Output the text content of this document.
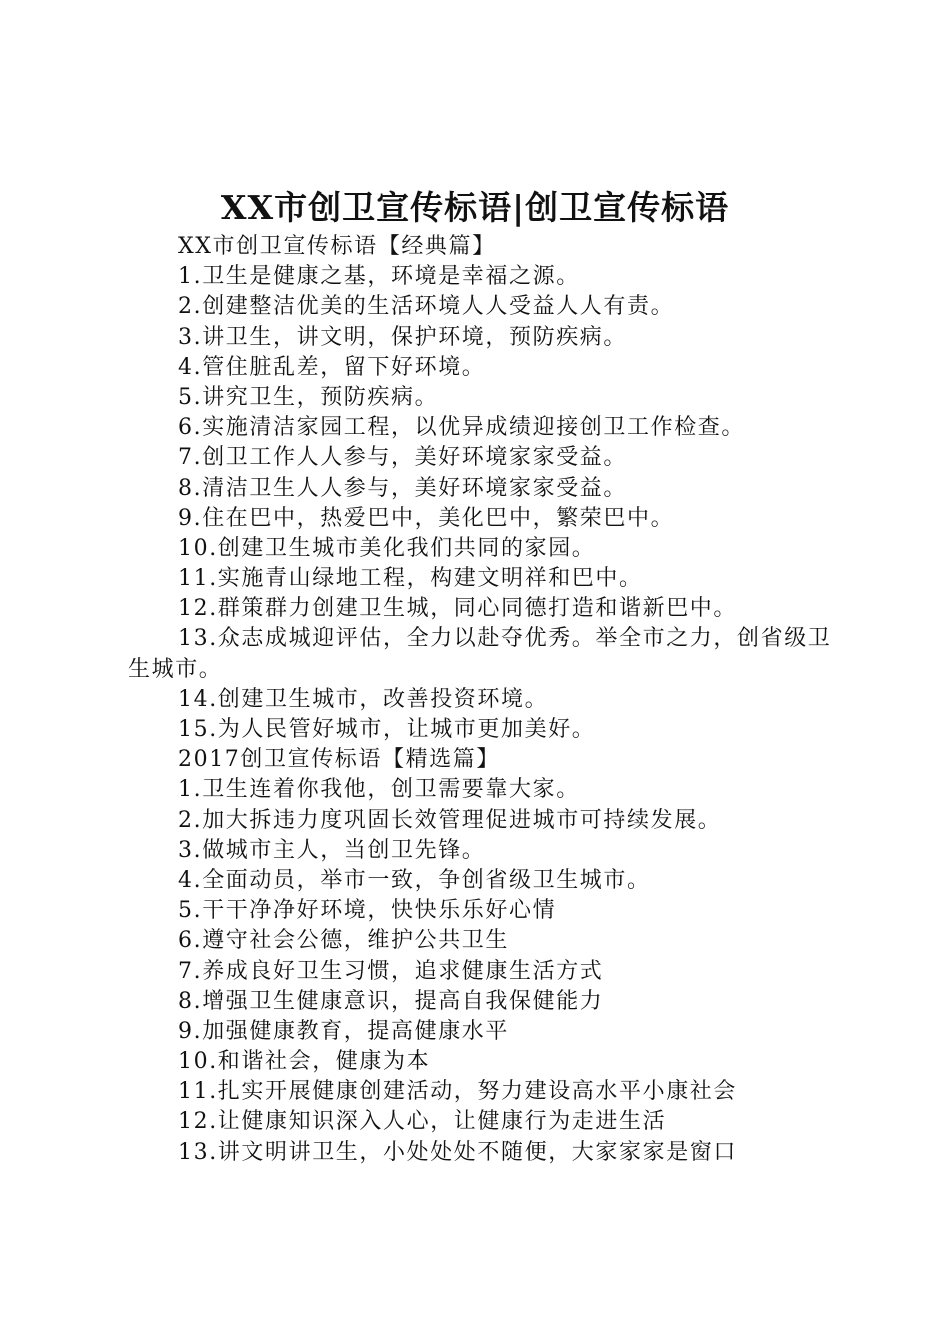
XX市创卫宣传标语|创卫宣传标语
XX市创卫宣传标语【经典篇】
1.卫生是健康之基，环境是幸福之源。
2.创建整洁优美的生活环境人人受益人人有责。
3.讲卫生，讲文明，保护环境，预防疾病。
4.管住脏乱差，留下好环境。
5.讲究卫生，预防疾病。
6.实施清洁家园工程，以优异成绩迎接创卫工作检查。
7.创卫工作人人参与，美好环境家家受益。
8.清洁卫生人人参与，美好环境家家受益。
9.住在巴中，热爱巴中，美化巴中，繁荣巴中。
10.创建卫生城市美化我们共同的家园。
11.实施青山绿地工程，构建文明祥和巴中。
12.群策群力创建卫生城，同心同德打造和谐新巴中。
13.众志成城迎评估，全力以赴夺优秀。举全市之力，创省级卫生城市。
14.创建卫生城市，改善投资环境。
15.为人民管好城市，让城市更加美好。
2017创卫宣传标语【精选篇】
1.卫生连着你我他，创卫需要靠大家。
2.加大拆违力度巩固长效管理促进城市可持续发展。
3.做城市主人，当创卫先锋。
4.全面动员，举市一致，争创省级卫生城市。
5.干干净净好环境，快快乐乐好心情
6.遵守社会公德，维护公共卫生
7.养成良好卫生习惯，追求健康生活方式
8.增强卫生健康意识，提高自我保健能力
9.加强健康教育，提高健康水平
10.和谐社会，健康为本
11.扎实开展健康创建活动，努力建设高水平小康社会
12.让健康知识深入人心，让健康行为走进生活
13.讲文明讲卫生，小处处处不随便，大家家家是窗口
